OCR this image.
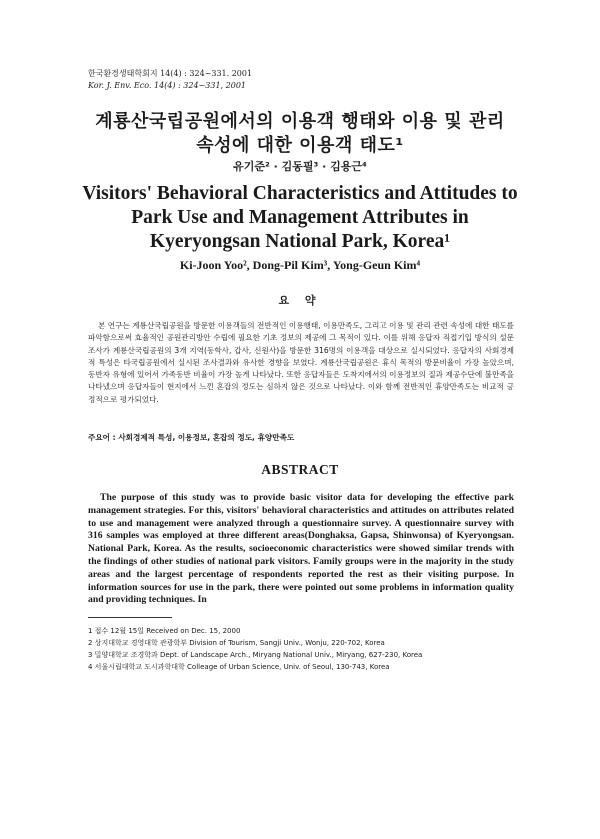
한국환경생태학회지 14(4) : 324~331. 2001
Kor. J. Env. Eco. 14(4) : 324~331, 2001
계룡산국립공원에서의 이용객 행태와 이용 및 관리
속성에 대한 이용객 태도¹
유기준² · 김동필³ · 김용근⁴
Visitors' Behavioral Characteristics and Attitudes to
Park Use and Management Attributes in
Kyeryongsan National Park, Korea¹
Ki-Joon Yoo², Dong-Pil Kim³, Yong-Geun Kim⁴
요 약

본 연구는 계룡산국립공원을 방문한 이용객들의 전반적인 이용행태, 이용만족도, 그리고 이용 및 관리 관련 속성에 대한 태도를 파악함으로써 효율적인 공원관리방안 수립에 필요한 기초 정보의 제공에 그 목적이 있다. 이를 위해 응답자 직접기입 방식의 설문조사가 계룡산국립공원의 3개 지역(동학사, 갑사, 신원사)을 방문한 316명의 이용객을 대상으로 실시되었다. 응답자의 사회경제적 특성은 타국립공원에서 실시된 조사결과와 유사한 경향을 보였다. 계룡산국립공원은 휴식 목적의 방문비율이 가장 높았으며, 동반자 유형에 있어서 가족동반 비율이 가장 높게 나타났다. 또한 응답자들은 도착지에서의 이용정보의 질과 제공수단에 불만족을 나타냈으며 응답자들이 현지에서 느낀 혼잡의 정도는 심하지 않은 것으로 나타났다. 이와 함께 전반적인 휴양만족도는 비교적 긍정적으로 평가되었다.

주요어 : 사회경제적 특성, 이용정보, 혼잡의 정도, 휴양만족도
ABSTRACT

The purpose of this study was to provide basic visitor data for developing the effective park management strategies. For this, visitors' behavioral characteristics and attitudes on attributes related to use and management were analyzed through a questionnaire survey. A questionnaire survey with 316 samples was employed at three different areas(Donghaksa, Gapsa, Shinwonsa) of Kyeryongsan. National Park, Korea. As the results, socioeconomic characteristics were showed similar trends with the findings of other studies of national park visitors. Family groups were in the majority in the study areas and the largest percentage of respondents reported the rest as their visiting purpose. In information sources for use in the park, there were pointed out some problems in information quality and providing techniques. In

1 접수 12월 15일 Received on Dec. 15, 2000
2 상지대학교 경영대학 관광학부 Division of Tourism, Sangji Univ., Wonju, 220-702, Korea
3 밀양대학교 조경학과 Dept. of Landscape Arch., Miryang National Univ., Miryang, 627-230, Korea
4 서울시립대학교 도시과학대학 Colleage of Urban Science, Univ. of Seoul, 130-743, Korea
